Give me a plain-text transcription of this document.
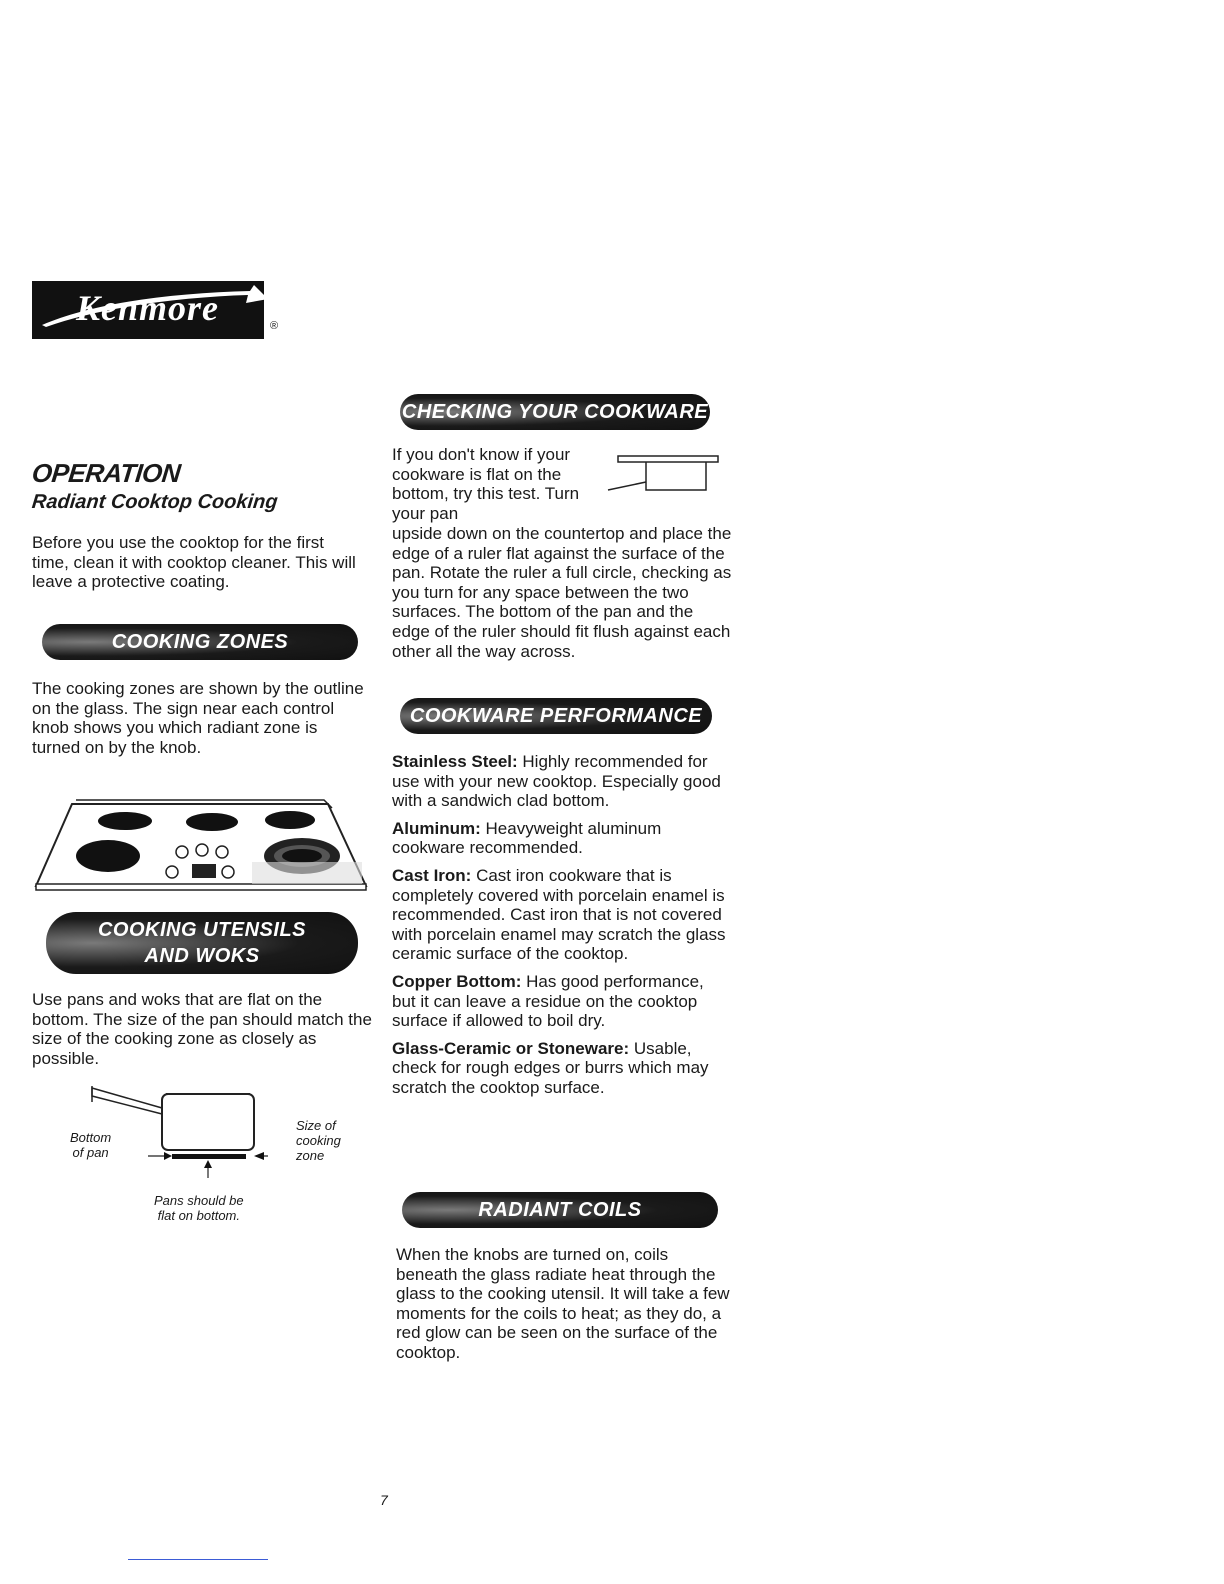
Kenmore	®
OPERATION
Radiant Cooktop Cooking

Before you use the cooktop for the first time, clean it with cooktop cleaner. This will leave a protective coating.

COOKING ZONES

The cooking zones are shown by the outline on the glass. The sign near each control knob shows you which radiant zone is turned on by the knob.

COOKING UTENSILS
AND WOKS

Use pans and woks that are flat on the bottom. The size of the pan should match the size of the cooking zone as closely as possible.

Bottom
of pan
Size of
cooking
zone
Pans should be
flat on bottom.
CHECKING YOUR COOKWARE

If you don't know if your cookware is flat on the bottom, try this test. Turn your pan

upside down on the countertop and place the edge of a ruler flat against the surface of the pan. Rotate the ruler a full circle, checking as you turn for any space between the two surfaces. The bottom of the pan and the edge of the ruler should fit flush against each other all the way across.

COOKWARE PERFORMANCE

Stainless Steel: Highly recommended for use with your new cooktop. Especially good with a sandwich clad bottom.

Aluminum: Heavyweight aluminum cookware recommended.

Cast Iron: Cast iron cookware that is completely covered with porcelain enamel is recommended. Cast iron that is not covered with porcelain enamel may scratch the glass ceramic surface of the cooktop.

Copper Bottom: Has good performance, but it can leave a residue on the cooktop surface if allowed to boil dry.

Glass-Ceramic or Stoneware: Usable, check for rough edges or burrs which may scratch the cooktop surface.

RADIANT COILS

When the knobs are turned on, coils beneath the glass radiate heat through the glass to the cooking utensil. It will take a few moments for the coils to heat; as they do, a red glow can be seen on the surface of the cooktop.

7
